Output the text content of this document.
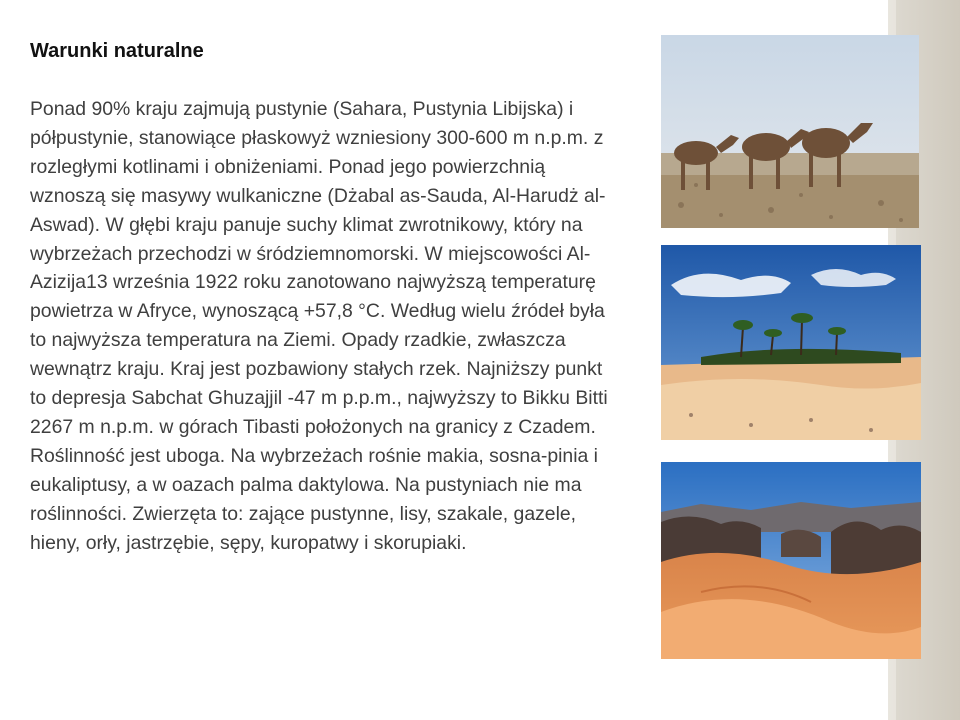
Warunki naturalne

Ponad 90% kraju zajmują pustynie (Sahara, Pustynia Libijska) i półpustynie, stanowiące płaskowyż wzniesiony 300-600 m n.p.m. z rozległymi kotlinami i obniżeniami. Ponad jego powierzchnią wznoszą się masywy wulkaniczne (Dżabal as-Sauda, Al-Harudż al-Aswad). W głębi kraju panuje suchy klimat zwrotnikowy, który na wybrzeżach przechodzi w śródziemnomorski. W miejscowości Al-Azizija13 września 1922 roku zanotowano najwyższą temperaturę powietrza w Afryce, wynoszącą +57,8 °C. Według wielu źródeł była to najwyższa temperatura na Ziemi. Opady rzadkie, zwłaszcza wewnątrz kraju. Kraj jest pozbawiony stałych rzek. Najniższy punkt to depresja Sabchat Ghuzajjil -47 m p.p.m., najwyższy to Bikku Bitti 2267 m n.p.m. w górach Tibasti położonych na granicy z Czadem. Roślinność jest uboga. Na wybrzeżach rośnie makia, sosna-pinia i eukaliptusy, a w oazach palma daktylowa. Na pustyniach nie ma roślinności. Zwierzęta to: zające pustynne, lisy, szakale, gazele, hieny, orły, jastrzębie, sępy, kuropatwy i skorupiaki.
